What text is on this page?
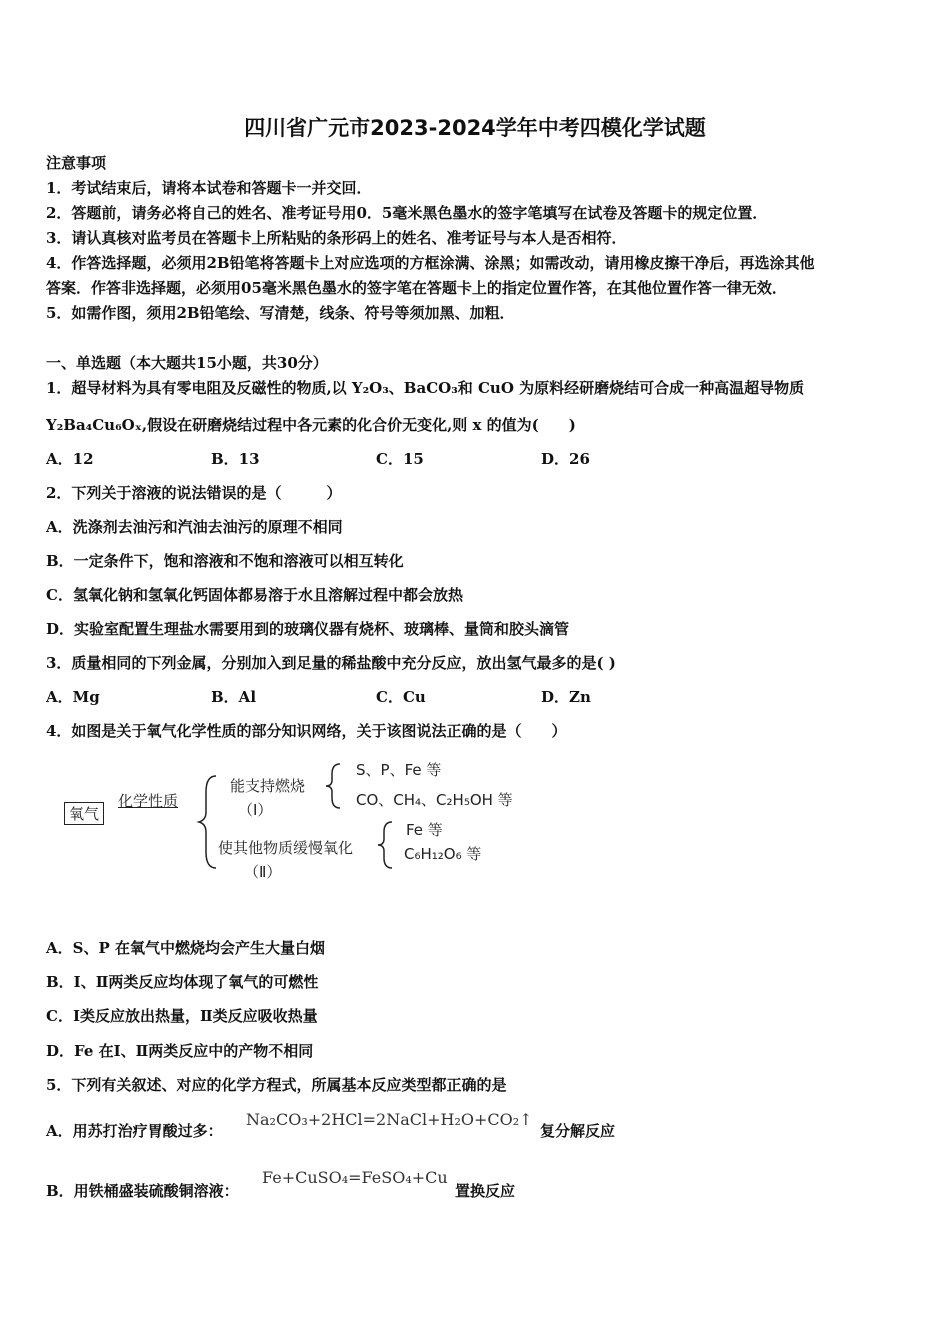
四川省广元市2023-2024学年中考四模化学试题
注意事项
1．考试结束后，请将本试卷和答题卡一并交回．
2．答题前，请务必将自己的姓名、准考证号用0．5毫米黑色墨水的签字笔填写在试卷及答题卡的规定位置．
3．请认真核对监考员在答题卡上所粘贴的条形码上的姓名、准考证号与本人是否相符．
4．作答选择题，必须用2B铅笔将答题卡上对应选项的方框涂满、涂黑；如需改动，请用橡皮擦干净后，再选涂其他
答案．作答非选择题，必须用05毫米黑色墨水的签字笔在答题卡上的指定位置作答，在其他位置作答一律无效．
5．如需作图，须用2B铅笔绘、写清楚，线条、符号等须加黑、加粗．
一、单选题（本大题共15小题，共30分）
1．超导材料为具有零电阻及反磁性的物质,以 Y₂O₃、BaCO₃和 CuO 为原料经研磨烧结可合成一种高温超导物质
Y₂Ba₄Cu₆Oₓ,假设在研磨烧结过程中各元素的化合价无变化,则 x 的值为(　　)
A．12	B．13	C．15	D．26
2．下列关于溶液的说法错误的是（　　　）
A．洗涤剂去油污和汽油去油污的原理不相同
B．一定条件下，饱和溶液和不饱和溶液可以相互转化
C．氢氧化钠和氢氧化钙固体都易溶于水且溶解过程中都会放热
D．实验室配置生理盐水需要用到的玻璃仪器有烧杯、玻璃棒、量筒和胶头滴管
3．质量相同的下列金属，分别加入到足量的稀盐酸中充分反应，放出氢气最多的是( )
A．Mg	B．Al	C．Cu	D．Zn
4．如图是关于氧气化学性质的部分知识网络，关于该图说法正确的是（　　）
氧气
化学性质
能支持燃烧
（Ⅰ）
S、P、Fe 等
CO、CH₄、C₂H₅OH 等
使其他物质缓慢氧化
（Ⅱ）
Fe 等
C₆H₁₂O₆ 等
A．S、P 在氧气中燃烧均会产生大量白烟
B．Ⅰ、Ⅱ两类反应均体现了氧气的可燃性
C．Ⅰ类反应放出热量，Ⅱ类反应吸收热量
D．Fe 在Ⅰ、Ⅱ两类反应中的产物不相同
5．下列有关叙述、对应的化学方程式，所属基本反应类型都正确的是
A．用苏打治疗胃酸过多：
Na₂CO₃+2HCl=2NaCl+H₂O+CO₂↑
复分解反应
B．用铁桶盛装硫酸铜溶液：
Fe+CuSO₄=FeSO₄+Cu
置换反应
